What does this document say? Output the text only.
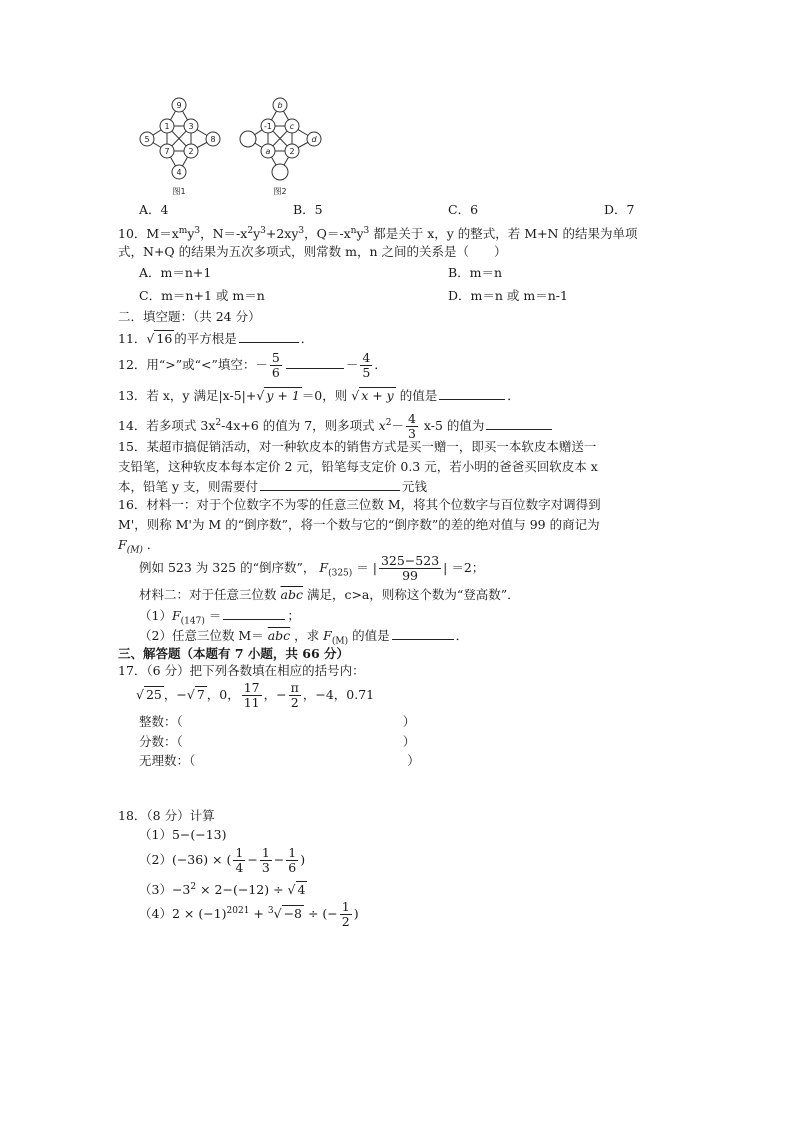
9
1 3
5	8
7 2
4
图1
b
-1 c
d
a 2
图2
A．4	B．5	C．6	D．7
10．$M=x^my^3$，$N=-x^2y^3+2xy^3$，$Q=-x^ny^3$ 都是关于 x，y 的整式，若 M+N 的结果为单项
式，N+Q 的结果为五次多项式，则常数 m，n 之间的关系是（　　）
A．m＝n+1	B．m＝n
C．m＝n+1 或 m＝n	D．m＝n 或 m＝n-1
二．填空题：（共 24 分）
11．√ 16 的平方根是	．
12．用“>”或“<”填空：－ $\frac{5}{6}$	－ $\frac{4}{5}$ ．
13．若 x，y 满足|x-5|+√ y + 1 ＝0，则 √ x + y 的值是	．
14．若多项式 $3x^2-4x+6$ 的值为 7，则多项式 $x^2- \frac{4}{3} x-5$ 的值为
15．某超市搞促销活动，对一种软皮本的销售方式是买一赠一，即买一本软皮本赠送一
支铅笔，这种软皮本每本定价 2 元，铅笔每支定价 0.3 元，若小明的爸爸买回软皮本 x
本，铅笔 y 支，则需要付	元钱
16．材料一：对于个位数字不为零的任意三位数 M，将其个位数字与百位数字对调得到
M'，则称 M'为 M 的“倒序数”，将一个数与它的“倒序数”的差的绝对值与 99 的商记为
$F_{(M)}$ ．
例如 523 为 325 的“倒序数”， $F_{(325)}$ ＝ | $\frac{325-523}{99}$ | ＝2；
材料二：对于任意三位数 $\overline{abc}$ 满足，c>a，则称这个数为“登高数”．
$(1)F_{(147)}$ ＝	；
（2）任意三位数 $M= \overline{abc}$ ，求 $F_{(M)}$ 的值是	．
三、解答题（本题有 7 小题，共 66 分）
17．（6 分）把下列各数填在相应的括号内：
√ 25 ，−√ 7 ，0， $\frac{17}{11}$ ，− $\frac{\pi}{2}$ ，−4，0.71
整数：（	）
分数：（	）
无理数：（	）
18．（8 分）计算
（1）5−(−13)
（2）(−36) × ( $\frac{1}{4} - \frac{1}{3} - \frac{1}{6}$ )
$(3)-3^2 \times 2-(-12)$ ÷ √ 4
$(4)2 \times (-1)^{2021} + ^3√ -8$ ÷ (− $\frac{1}{2}$ )
